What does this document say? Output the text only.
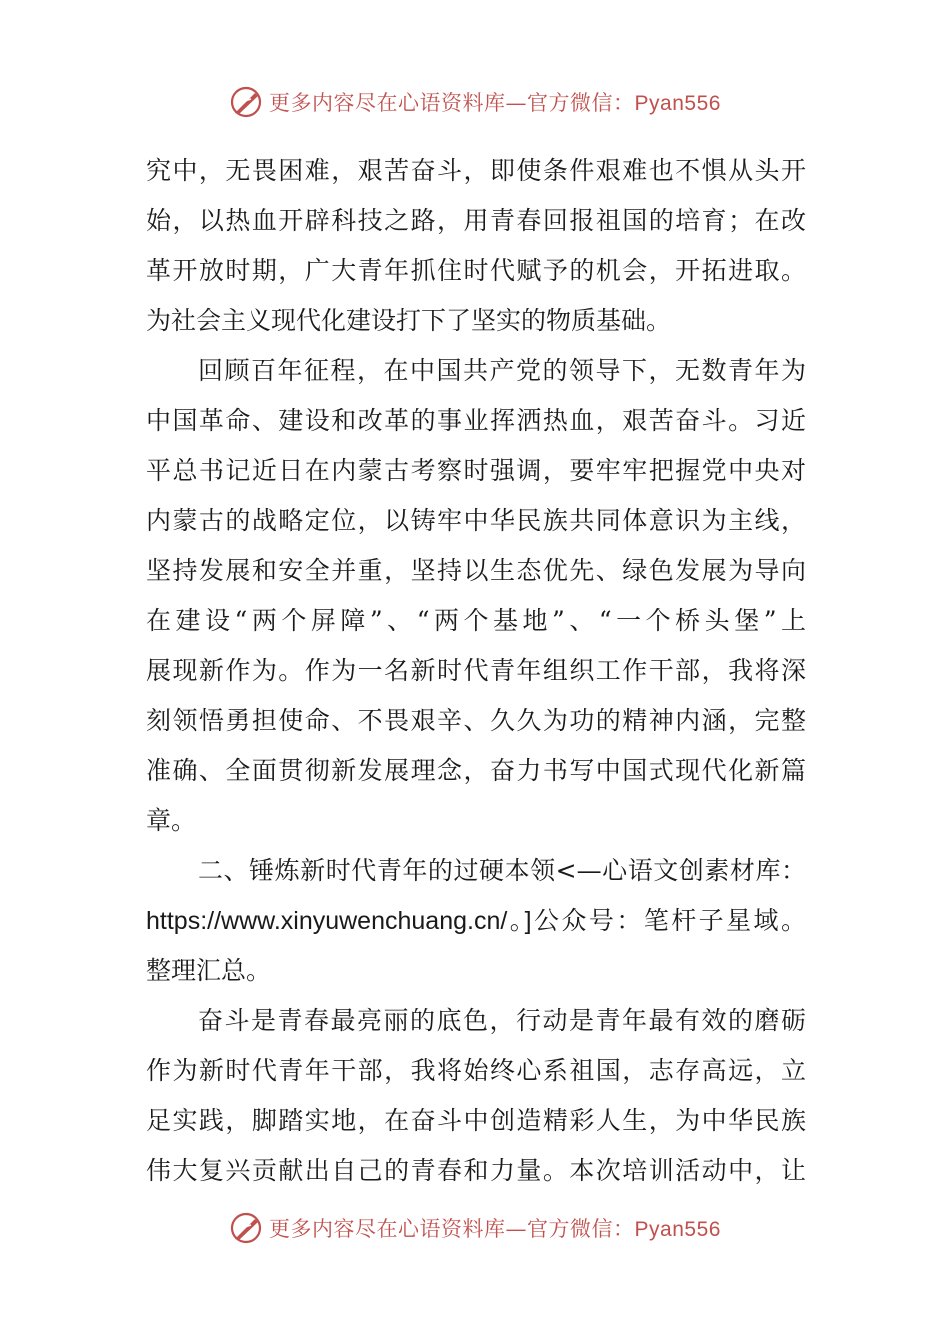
更多内容尽在心语资料库—官方微信：Pyan556
究中，无畏困难，艰苦奋斗，即使条件艰难也不惧从头开
始，以热血开辟科技之路，用青春回报祖国的培育；在改
革开放时期，广大青年抓住时代赋予的机会，开拓进取。
为社会主义现代化建设打下了坚实的物质基础。
回顾百年征程，在中国共产党的领导下，无数青年为
中国革命、建设和改革的事业挥洒热血，艰苦奋斗。习近
平总书记近日在内蒙古考察时强调，要牢牢把握党中央对
内蒙古的战略定位，以铸牢中华民族共同体意识为主线，
坚持发展和安全并重，坚持以生态优先、绿色发展为导向
在建设“两个屏障”、“两个基地”、“一个桥头堡”上
展现新作为。作为一名新时代青年组织工作干部，我将深
刻领悟勇担使命、不畏艰辛、久久为功的精神内涵，完整
准确、全面贯彻新发展理念，奋力书写中国式现代化新篇
章。
二、锤炼新时代青年的过硬本领<—心语文创素材库：
https://www.xinyuwenchuang.cn/。]公众号：笔杆子星域。
整理汇总。
奋斗是青春最亮丽的底色，行动是青年最有效的磨砺
作为新时代青年干部，我将始终心系祖国，志存高远，立
足实践，脚踏实地，在奋斗中创造精彩人生，为中华民族
伟大复兴贡献出自己的青春和力量。本次培训活动中，让
更多内容尽在心语资料库—官方微信：Pyan556
